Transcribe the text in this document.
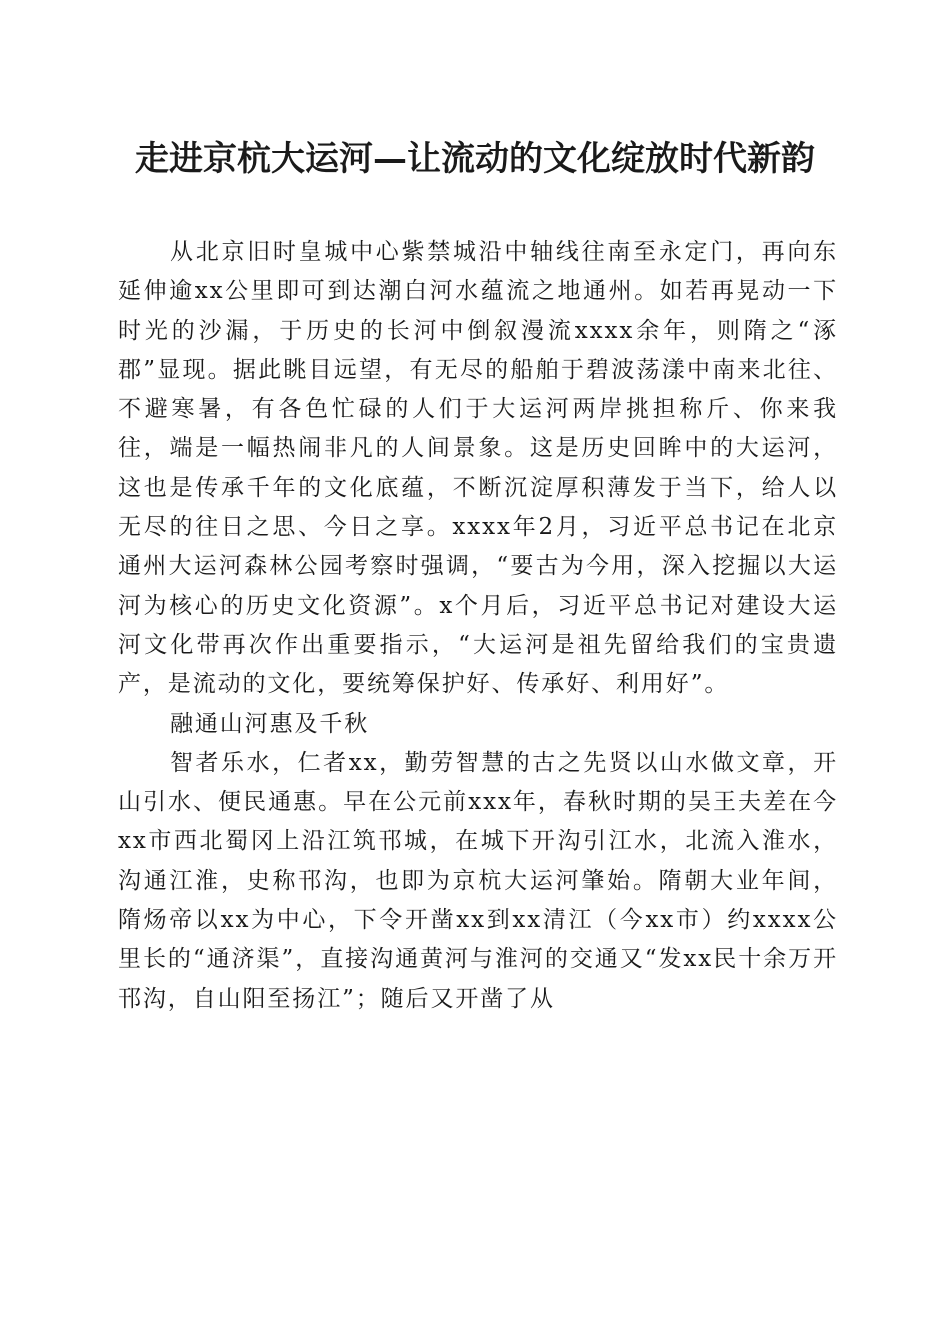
走进京杭大运河—让流动的文化绽放时代新韵

从北京旧时皇城中心紫禁城沿中轴线往南至永定门，再向东延伸逾xx公里即可到达潮白河水蕴流之地通州。如若再晃动一下时光的沙漏，于历史的长河中倒叙漫流xxxx余年，则隋之“涿郡”显现。据此眺目远望，有无尽的船舶于碧波荡漾中南来北往、不避寒暑，有各色忙碌的人们于大运河两岸挑担称斤、你来我往，端是一幅热闹非凡的人间景象。这是历史回眸中的大运河，这也是传承千年的文化底蕴，不断沉淀厚积薄发于当下，给人以无尽的往日之思、今日之享。xxxx年2月，习近平总书记在北京通州大运河森林公园考察时强调，“要古为今用，深入挖掘以大运河为核心的历史文化资源”。x个月后，习近平总书记对建设大运河文化带再次作出重要指示，“大运河是祖先留给我们的宝贵遗产，是流动的文化，要统筹保护好、传承好、利用好”。

融通山河惠及千秋

智者乐水，仁者xx，勤劳智慧的古之先贤以山水做文章，开山引水、便民通惠。早在公元前xxx年，春秋时期的吴王夫差在今xx市西北蜀冈上沿江筑邗城，在城下开沟引江水，北流入淮水，沟通江淮，史称邗沟，也即为京杭大运河肇始。隋朝大业年间，隋炀帝以xx为中心，下令开凿xx到xx清江（今xx市）约xxxx公里长的“通济渠”，直接沟通黄河与淮河的交通又“发xx民十余万开邗沟，自山阳至扬江”；随后又开凿了从
